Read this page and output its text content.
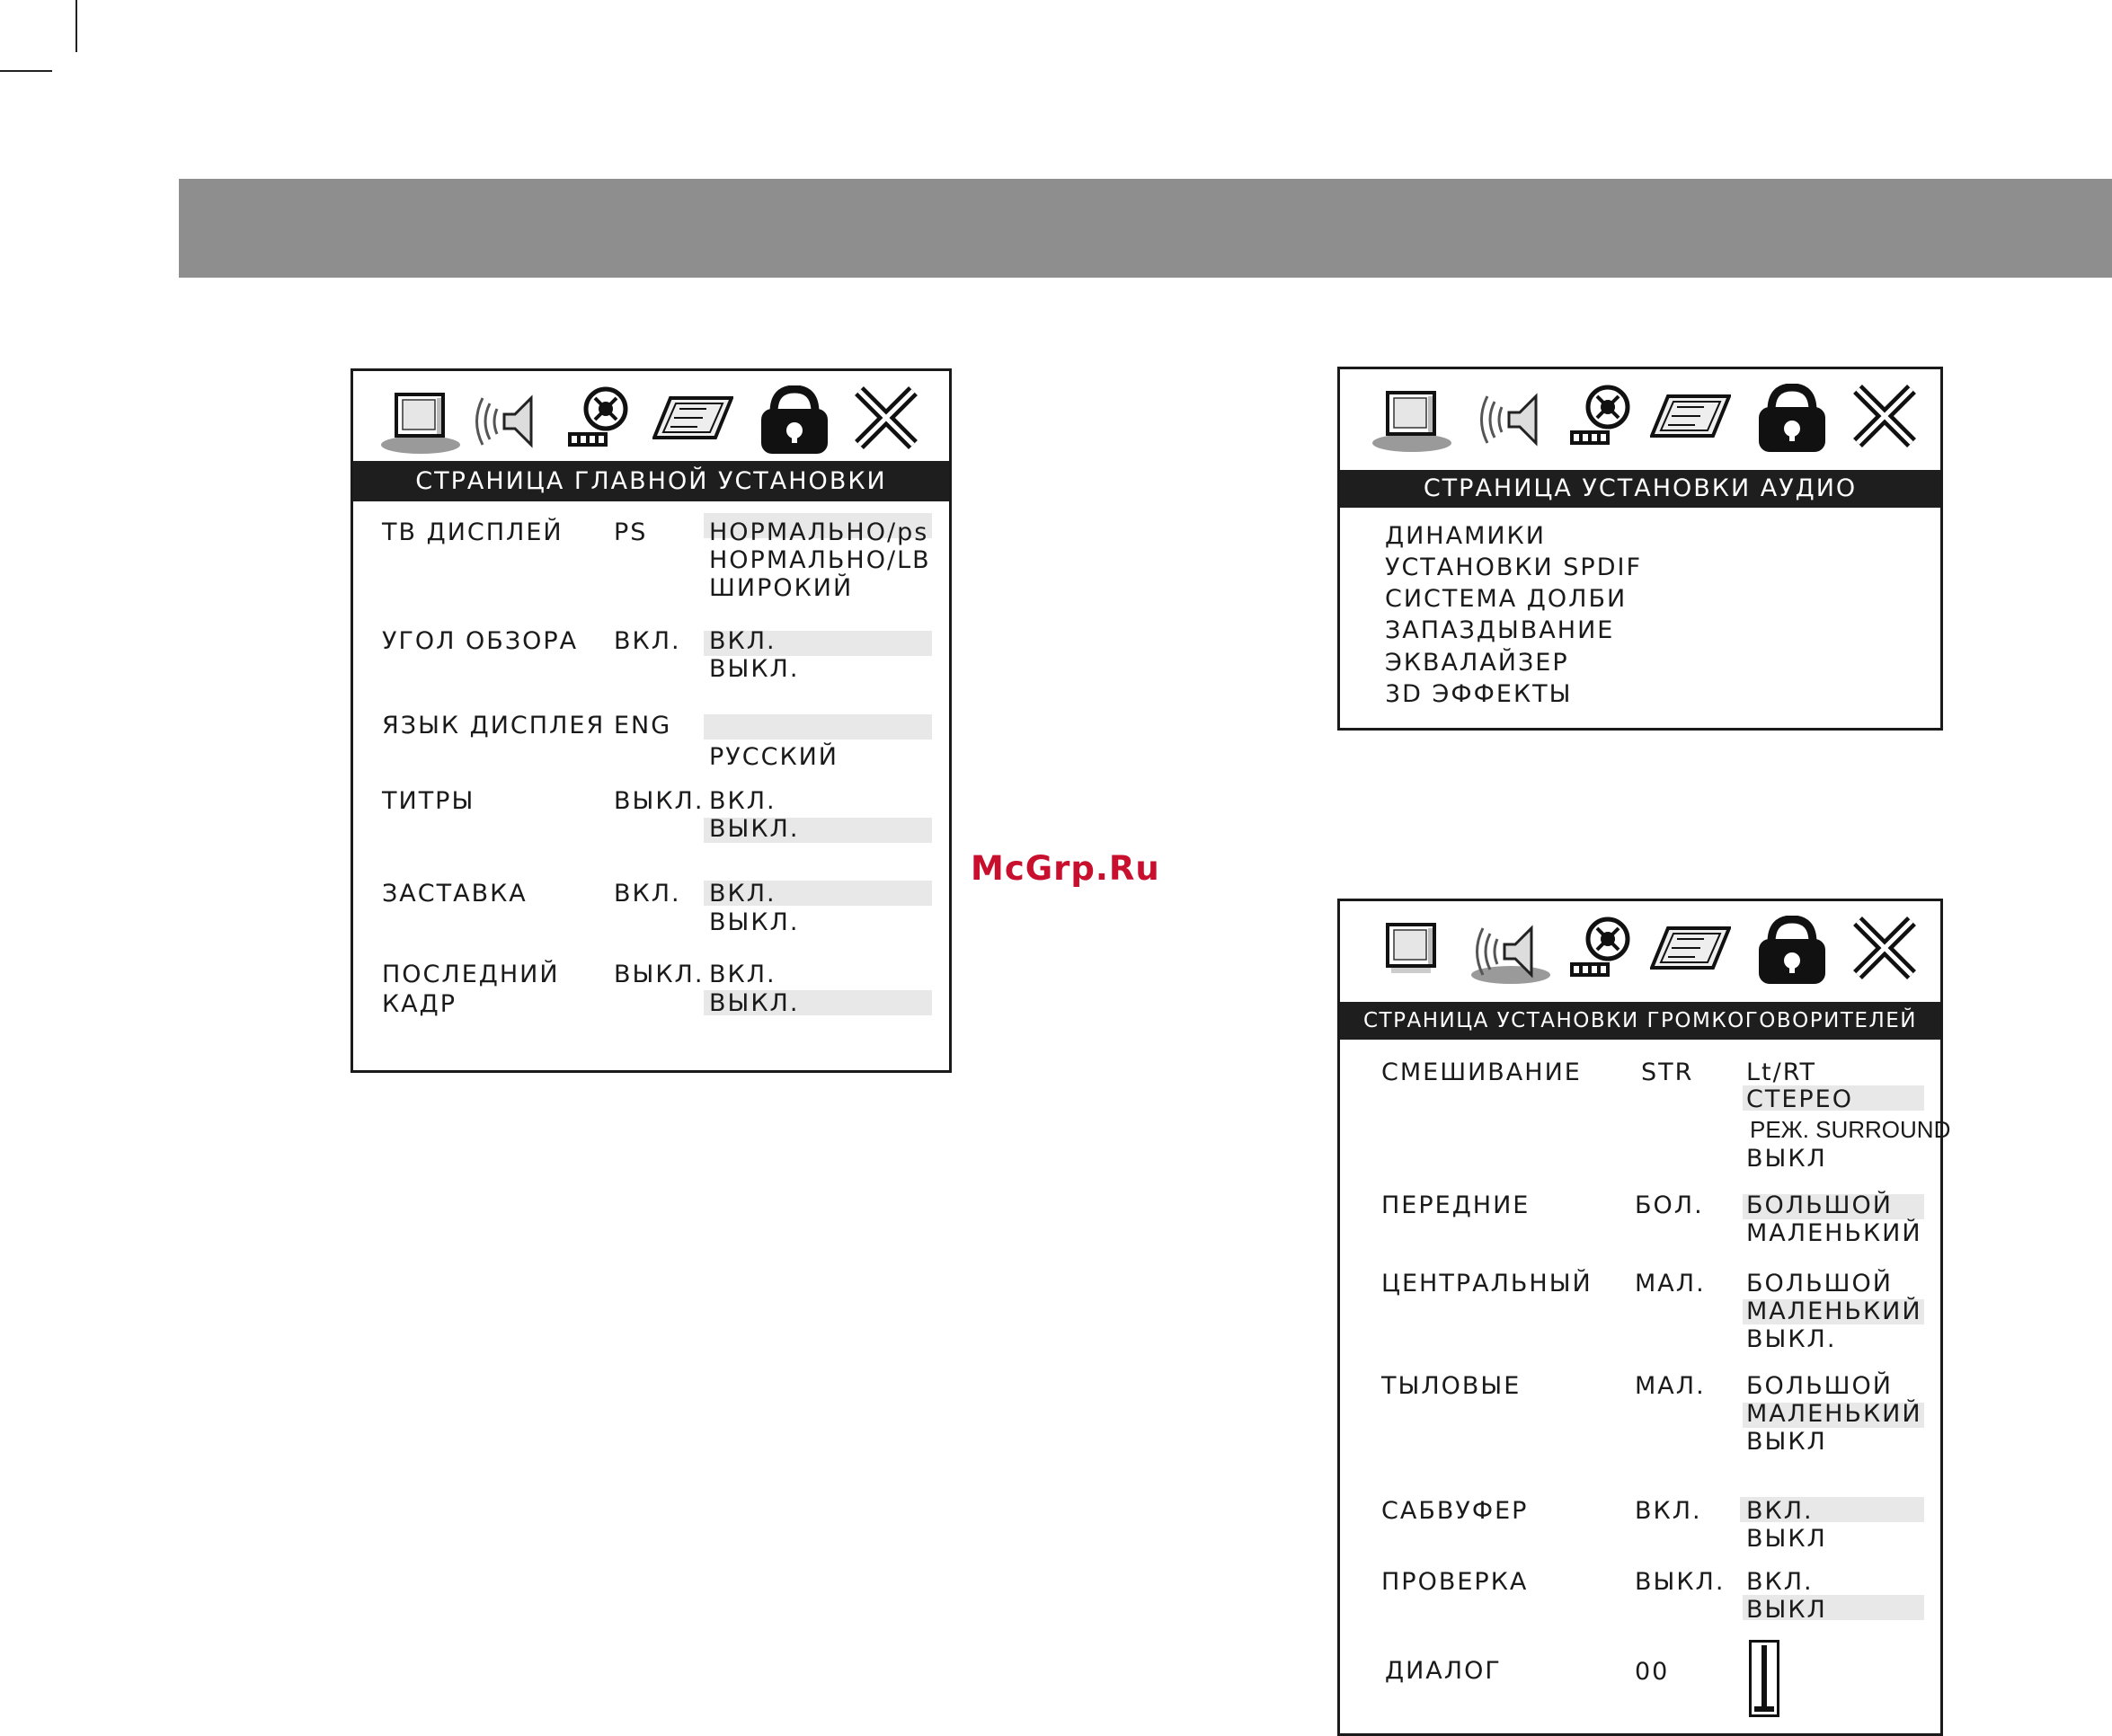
СТРАНИЦА ГЛАВНОЙ УСТАНОВКИ
ТВ ДИСПЛЕЙ PS	НОРМАЛЬНО/ps
НОРМАЛЬНО/LB
ШИРОКИЙ
УГОЛ ОБЗОРА ВКЛ. ВКЛ.
ВЫКЛ.
ЯЗЫК ДИСПЛЕЯ ENG
РУССКИЙ
ТИТРЫ	ВЫКЛ. ВКЛ.
ВЫКЛ.
ЗАСТАВКА	ВКЛ. ВКЛ.
ВЫКЛ.
ПОСЛЕДНИЙ
КАДР
ВЫКЛ. ВКЛ.
ВЫКЛ.
СТРАНИЦА УСТАНОВКИ АУДИО
ДИНАМИКИ
УСТАНОВКИ SPDIF
СИСТЕМА ДОЛБИ
ЗАПАЗДЫВАНИЕ
ЭКВАЛАЙЗЕР
3D ЭФФЕКТЫ
СТРАНИЦА УСТАНОВКИ ГРОМКОГОВОРИТЕЛЕЙ
СМЕШИВАНИЕ STR Lt/RT
СТЕРЕО
РЕЖ. SURROUND
ВЫКЛ
ПЕРЕДНИЕ	БОЛ. БОЛЬШОЙ
МАЛЕНЬКИЙ
ЦЕНТРАЛЬНЫЙ МАЛ. БОЛЬШОЙ
МАЛЕНЬКИЙ
ВЫКЛ.
ТЫЛОВЫЕ	МАЛ. БОЛЬШОЙ
МАЛЕНЬКИЙ
ВЫКЛ
САБВУФЕР	ВКЛ. ВКЛ.
ВЫКЛ
ПРОВЕРКА	ВЫКЛ. ВКЛ.
ВЫКЛ
ДИАЛОГ	00
McGrp.Ru
